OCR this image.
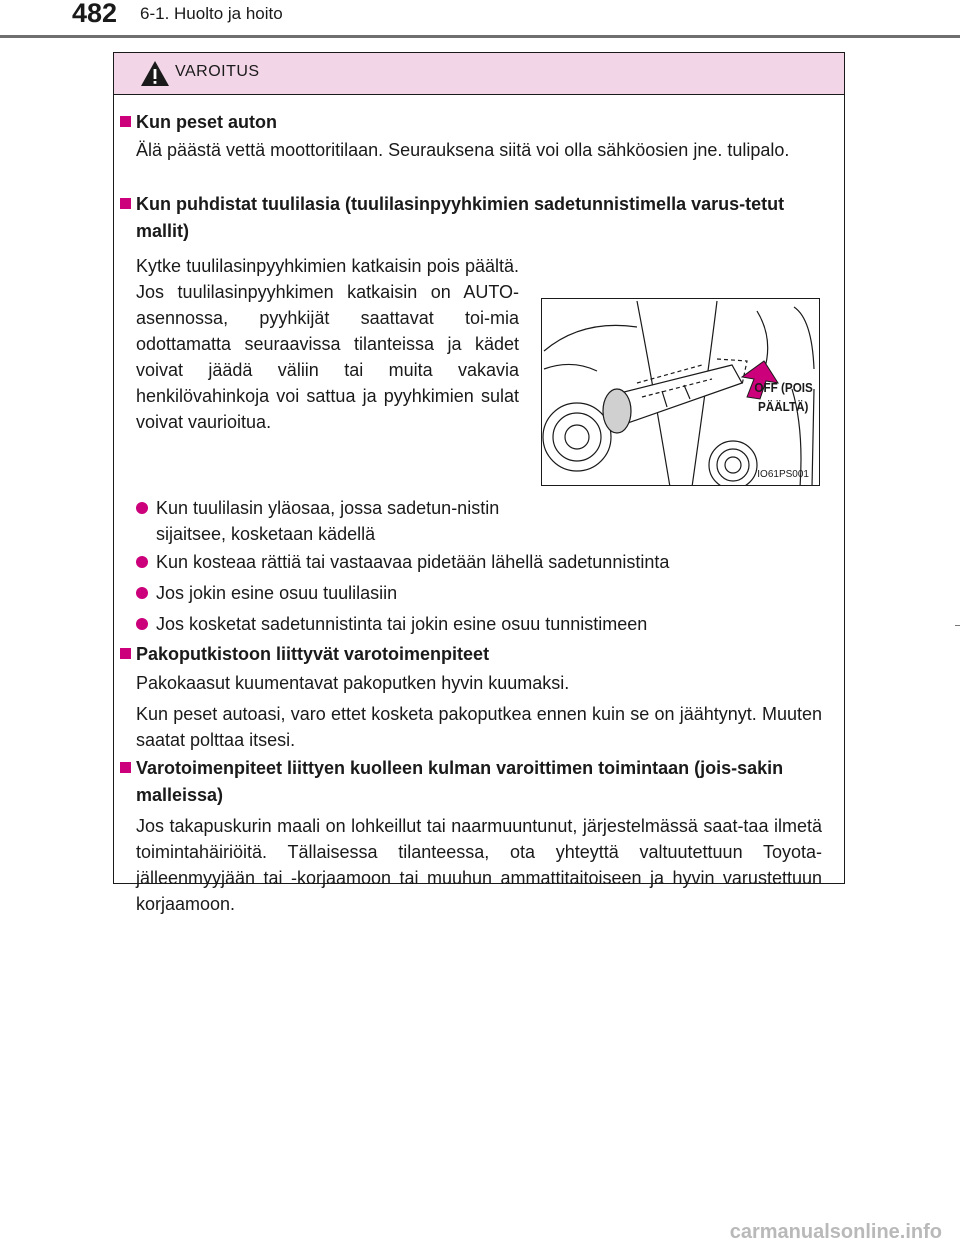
482 6-1. Huolto ja hoito
VAROITUS
Kun peset auton
Älä päästä vettä moottoritilaan. Seurauksena siitä voi olla sähköosien jne. tulipalo.
Kun puhdistat tuulilasia (tuulilasinpyyhkimien sadetunnistimella varus-tetut mallit)
Kytke tuulilasinpyyhkimien katkaisin pois päältä. Jos tuulilasinpyyhkimen katkaisin on AUTO-asennossa, pyyhkijät saattavat toi-mia odottamatta seuraavissa tilanteissa ja kädet voivat jäädä väliin tai muita vakavia henkilövahinkoja voi sattua ja pyyhkimien sulat voivat vaurioitua.
OFF (POIS
PÄÄLTÄ)
IO61PS001
Kun tuulilasin yläosaa, jossa sadetun-nistin sijaitsee, kosketaan kädellä
Kun kosteaa rättiä tai vastaavaa pidetään lähellä sadetunnistinta
Jos jokin esine osuu tuulilasiin
Jos kosketat sadetunnistinta tai jokin esine osuu tunnistimeen
Pakoputkistoon liittyvät varotoimenpiteet
Pakokaasut kuumentavat pakoputken hyvin kuumaksi.
Kun peset autoasi, varo ettet kosketa pakoputkea ennen kuin se on jäähtynyt. Muuten saatat polttaa itsesi.
Varotoimenpiteet liittyen kuolleen kulman varoittimen toimintaan (jois-sakin malleissa)
Jos takapuskurin maali on lohkeillut tai naarmuuntunut, järjestelmässä saat-taa ilmetä toimintahäiriöitä. Tällaisessa tilanteessa, ota yhteyttä valtuutettuun Toyota-jälleenmyyjään tai -korjaamoon tai muuhun ammattitaitoiseen ja hyvin varustettuun korjaamoon.
carmanualsonline.info
